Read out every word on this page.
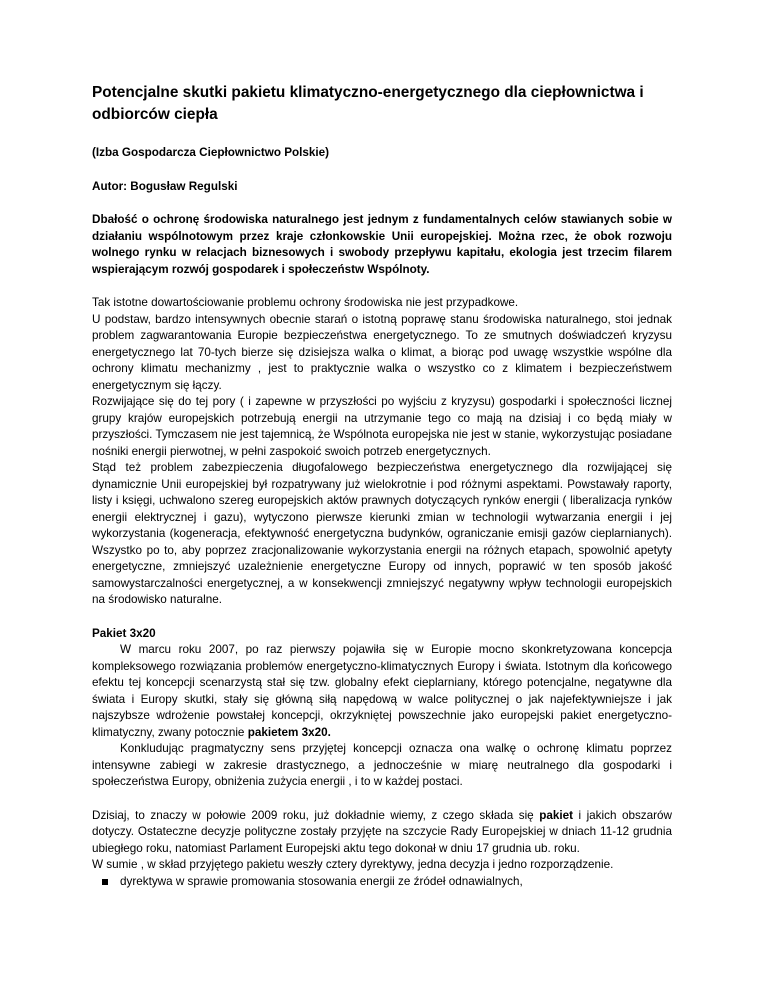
Potencjalne skutki pakietu klimatyczno-energetycznego dla ciepłownictwa i odbiorców ciepła

(Izba Gospodarcza Ciepłownictwo Polskie)

Autor: Bogusław Regulski

Dbałość o ochronę środowiska naturalnego jest jednym z fundamentalnych celów stawianych sobie w działaniu wspólnotowym przez kraje członkowskie Unii europejskiej. Można rzec, że obok rozwoju wolnego rynku w relacjach biznesowych i swobody przepływu kapitału, ekologia jest trzecim filarem wspierającym rozwój gospodarek i społeczeństw Wspólnoty.

Tak istotne dowartościowanie problemu ochrony środowiska nie jest przypadkowe.

U podstaw, bardzo intensywnych obecnie starań o istotną poprawę stanu środowiska naturalnego, stoi jednak problem zagwarantowania Europie bezpieczeństwa energetycznego. To ze smutnych doświadczeń kryzysu energetycznego lat 70-tych bierze się dzisiejsza walka o klimat, a biorąc pod uwagę wszystkie wspólne dla ochrony klimatu mechanizmy , jest to praktycznie walka o wszystko co z klimatem i bezpieczeństwem energetycznym się łączy.

Rozwijające się do tej pory ( i zapewne w przyszłości po wyjściu z kryzysu) gospodarki i społeczności licznej grupy krajów europejskich potrzebują energii na utrzymanie tego co mają na dzisiaj i co będą miały w przyszłości. Tymczasem nie jest tajemnicą, że Wspólnota europejska nie jest w stanie, wykorzystując posiadane nośniki energii pierwotnej, w pełni zaspokoić swoich potrzeb energetycznych.

Stąd też problem zabezpieczenia długofalowego bezpieczeństwa energetycznego dla rozwijającej się dynamicznie Unii europejskiej był rozpatrywany już wielokrotnie i pod różnymi aspektami. Powstawały raporty, listy i księgi, uchwalono szereg europejskich aktów prawnych dotyczących rynków energii ( liberalizacja rynków energii elektrycznej i gazu), wytyczono pierwsze kierunki zmian w technologii wytwarzania energii i jej wykorzystania (kogeneracja, efektywność energetyczna budynków, ograniczanie emisji gazów cieplarnianych). Wszystko po to, aby poprzez zracjonalizowanie wykorzystania energii na różnych etapach, spowolnić apetyty energetyczne, zmniejszyć uzależnienie energetyczne Europy od innych, poprawić w ten sposób jakość samowystarczalności energetycznej, a w konsekwencji zmniejszyć negatywny wpływ technologii europejskich na środowisko naturalne.

Pakiet 3x20

W marcu roku 2007, po raz pierwszy pojawiła się w Europie mocno skonkretyzowana koncepcja kompleksowego rozwiązania problemów energetyczno-klimatycznych Europy i świata. Istotnym dla końcowego efektu tej koncepcji scenarzystą stał się tzw. globalny efekt cieplarniany, którego potencjalne, negatywne dla świata i Europy skutki, stały się główną siłą napędową w walce politycznej o jak najefektywniejsze i jak najszybsze wdrożenie powstałej koncepcji, okrzykniętej powszechnie jako europejski pakiet energetyczno-klimatyczny, zwany potocznie pakietem 3x20.

Konkludując pragmatyczny sens przyjętej koncepcji oznacza ona walkę o ochronę klimatu poprzez intensywne zabiegi w zakresie drastycznego, a jednocześnie w miarę neutralnego dla gospodarki i społeczeństwa Europy, obniżenia zużycia energii , i to w każdej postaci.

Dzisiaj, to znaczy w połowie 2009 roku, już dokładnie wiemy, z czego składa się pakiet i jakich obszarów dotyczy. Ostateczne decyzje polityczne zostały przyjęte na szczycie Rady Europejskiej w dniach 11-12 grudnia ubiegłego roku, natomiast Parlament Europejski aktu tego dokonał w dniu 17 grudnia ub. roku.

W sumie , w skład przyjętego pakietu weszły cztery dyrektywy, jedna decyzja i jedno rozporządzenie.

dyrektywa w sprawie promowania stosowania energii ze źródeł odnawialnych,
